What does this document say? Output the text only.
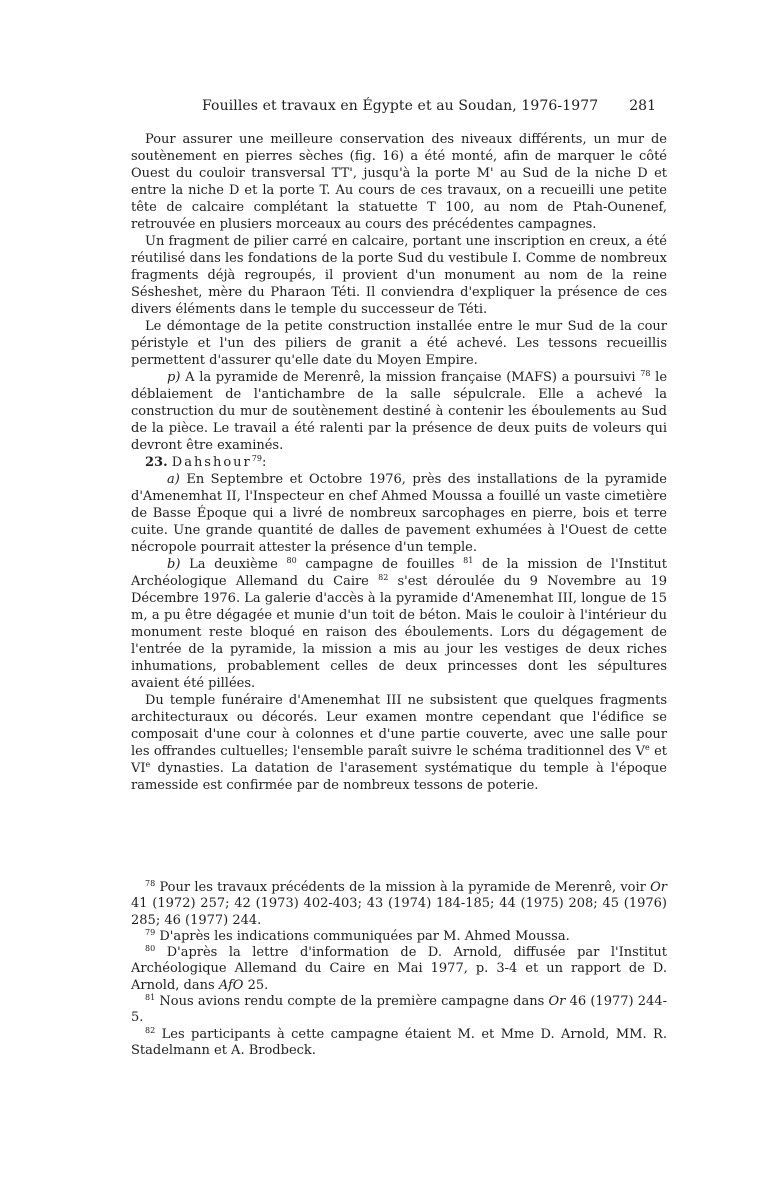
Fouilles et travaux en Égypte et au Soudan, 1976-1977 281

Pour assurer une meilleure conservation des niveaux différents, un mur de soutènement en pierres sèches (fig. 16) a été monté, afin de marquer le côté Ouest du couloir transversal TT', jusqu'à la porte M' au Sud de la niche D et entre la niche D et la porte T. Au cours de ces travaux, on a recueilli une petite tête de calcaire complétant la statuette T 100, au nom de Ptah-Ounenef, retrouvée en plusiers morceaux au cours des précédentes campagnes.

Un fragment de pilier carré en calcaire, portant une inscription en creux, a été réutilisé dans les fondations de la porte Sud du vestibule I. Comme de nombreux fragments déjà regroupés, il provient d'un monument au nom de la reine Sésheshet, mère du Pharaon Téti. Il conviendra d'expliquer la présence de ces divers éléments dans le temple du successeur de Téti.

Le démontage de la petite construction installée entre le mur Sud de la cour péristyle et l'un des piliers de granit a été achevé. Les tessons recueillis permettent d'assurer qu'elle date du Moyen Empire.

p) A la pyramide de Merenrê, la mission française (MAFS) a poursuivi $^{78}$ le déblaiement de l'antichambre de la salle sépulcrale. Elle a achevé la construction du mur de soutènement destiné à contenir les éboulements au Sud de la pièce. Le travail a été ralenti par la présence de deux puits de voleurs qui devront être examinés.

23. Dahshour$^{79}$:

a) En Septembre et Octobre 1976, près des installations de la pyramide d'Amenemhat II, l'Inspecteur en chef Ahmed Moussa a fouillé un vaste cimetière de Basse Époque qui a livré de nombreux sarcophages en pierre, bois et terre cuite. Une grande quantité de dalles de pavement exhumées à l'Ouest de cette nécropole pourrait attester la présence d'un temple.

b) La deuxième $^{80}$ campagne de fouilles $^{81}$ de la mission de l'Institut Archéologique Allemand du Caire $^{82}$ s'est déroulée du 9 Novembre au 19 Décembre 1976. La galerie d'accès à la pyramide d'Amenemhat III, longue de 15 m, a pu être dégagée et munie d'un toit de béton. Mais le couloir à l'intérieur du monument reste bloqué en raison des éboulements. Lors du dégagement de l'entrée de la pyramide, la mission a mis au jour les vestiges de deux riches inhumations, probablement celles de deux princesses dont les sépultures avaient été pillées.

Du temple funéraire d'Amenemhat III ne subsistent que quelques fragments architecturaux ou décorés. Leur examen montre cependant que l'édifice se composait d'une cour à colonnes et d'une partie couverte, avec une salle pour les offrandes cultuelles; l'ensemble paraît suivre le schéma traditionnel des Ve et VIe dynasties. La datation de l'arasement systématique du temple à l'époque ramesside est confirmée par de nombreux tessons de poterie.

$^{78}$ Pour les travaux précédents de la mission à la pyramide de Merenrê, voir Or 41 (1972) 257; 42 (1973) 402-403; 43 (1974) 184-185; 44 (1975) 208; 45 (1976) 285; 46 (1977) 244.

$^{79}$ D'après les indications communiquées par M. Ahmed Moussa.

$^{80}$ D'après la lettre d'information de D. Arnold, diffusée par l'Institut Archéologique Allemand du Caire en Mai 1977, p. 3-4 et un rapport de D. Arnold, dans AfO 25.

$^{81}$ Nous avions rendu compte de la première campagne dans Or 46 (1977) 244-5.

$^{82}$ Les participants à cette campagne étaient M. et Mme D. Arnold, MM. R. Stadelmann et A. Brodbeck.
